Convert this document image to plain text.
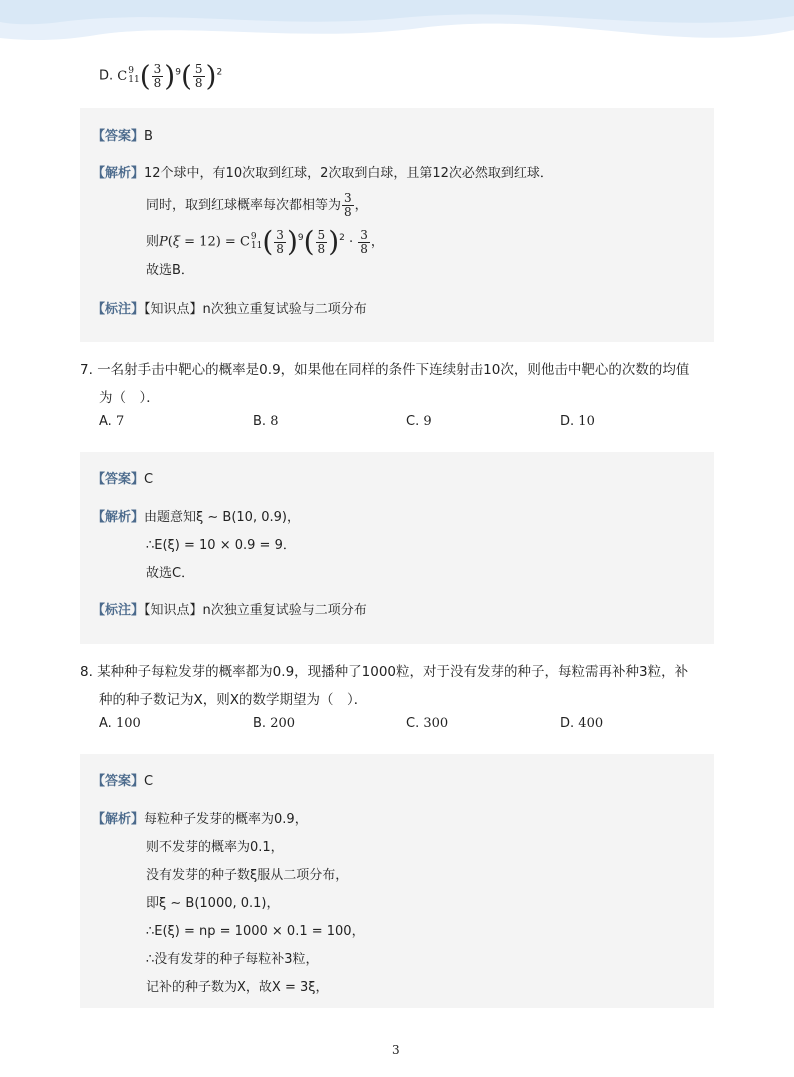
D. C 9
11 ( $\frac{3}{8} )^9( \frac{5}{8} )^2$
【答案】B
【解析】12个球中，有10次取到红球，2次取到白球，且第12次必然取到红球．
同时，取到红球概率每次都相等为 $\frac{3}{8}$ ，
则P(ξ = 12) = C 9
11 ( $\frac{3}{8} )^9( \frac{5}{8} )^2 \cdot \frac{3}{8}$ ，
故选B．
【标注】【知识点】n次独立重复试验与二项分布
7. 一名射手击中靶心的概率是0.9，如果他在同样的条件下连续射击10次，则他击中靶心的次数的均值
为（　）．
A. 7	B. 8	C. 9	D. 10
【答案】C
【解析】由题意知ξ ∼ B(10, 0.9)，
∴E(ξ) = 10 × 0.9 = 9．
故选C．
【标注】【知识点】n次独立重复试验与二项分布
8. 某种种子每粒发芽的概率都为0.9，现播种了1000粒，对于没有发芽的种子，每粒需再补种3粒，补
种的种子数记为X，则X的数学期望为（　）．
A. 100	B. 200	C. 300	D. 400
【答案】C
【解析】每粒种子发芽的概率为0.9，
则不发芽的概率为0.1，
没有发芽的种子数ξ服从二项分布，
即ξ ∼ B(1000, 0.1)，
∴E(ξ) = np = 1000 × 0.1 = 100，
∴没有发芽的种子每粒补3粒，
记补的种子数为X，故X = 3ξ，
3
